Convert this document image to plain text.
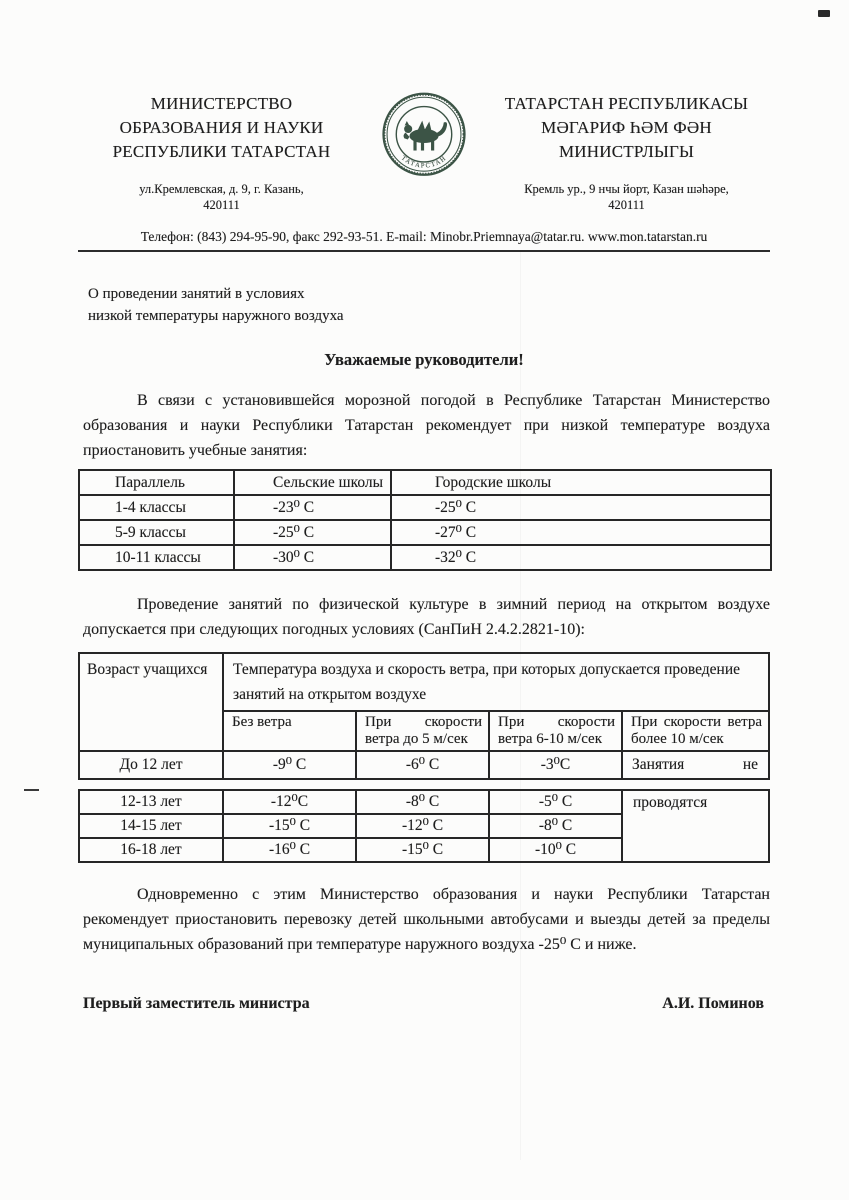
МИНИСТЕРСТВО
ОБРАЗОВАНИЯ И НАУКИ
РЕСПУБЛИКИ ТАТАРСТАН
ул.Кремлевская, д. 9, г. Казань,
420111
ТАТАРСТАН
ТАТАРСТАН РЕСПУБЛИКАСЫ
МӘГАРИФ ҺӘМ ФӘН
МИНИСТРЛЫГЫ
Кремль ур., 9 нчы йорт, Казан шәһәре,
420111
Телефон: (843) 294-95-90, факс 292-93-51. E-mail: Minobr.Priemnaya@tatar.ru. www.mon.tatarstan.ru
О проведении занятий в условиях
низкой температуры наружного воздуха
Уважаемые руководители!
В связи с установившейся морозной погодой в Республике Татарстан Министерство образования и науки Республики Татарстан рекомендует при низкой температуре воздуха приостановить учебные занятия:
Параллель	Сельские школы	Городские школы
1-4 классы	-23⁰ С	-25⁰ С
5-9 классы	-25⁰ С	-27⁰ С
10-11 классы	-30⁰ С	-32⁰ С
Проведение занятий по физической культуре в зимний период на открытом воздухе допускается при следующих погодных условиях (СанПиН 2.4.2.2821-10):
Возраст учащихся	Температура воздуха и скорость ветра, при которых допускается проведение занятий на открытом воздухе			
	Без ветра	При скорости ветра до 5 м/сек	При скорости ветра 6-10 м/сек	При скорости ветра более 10 м/сек
До 12 лет	-9⁰ С	-6⁰ С	-3⁰С	Занятия не
12-13 лет	-12⁰С	-8⁰ С	-5⁰ С	проводятся
14-15 лет	-15⁰ С	-12⁰ С	-8⁰ С	
16-18 лет	-16⁰ С	-15⁰ С	-10⁰ С	
Одновременно с этим Министерство образования и науки Республики Татарстан рекомендует приостановить перевозку детей школьными автобусами и выезды детей за пределы муниципальных образований при температуре наружного воздуха -25⁰ С и ниже.
Первый заместитель министра	А.И. Поминов
